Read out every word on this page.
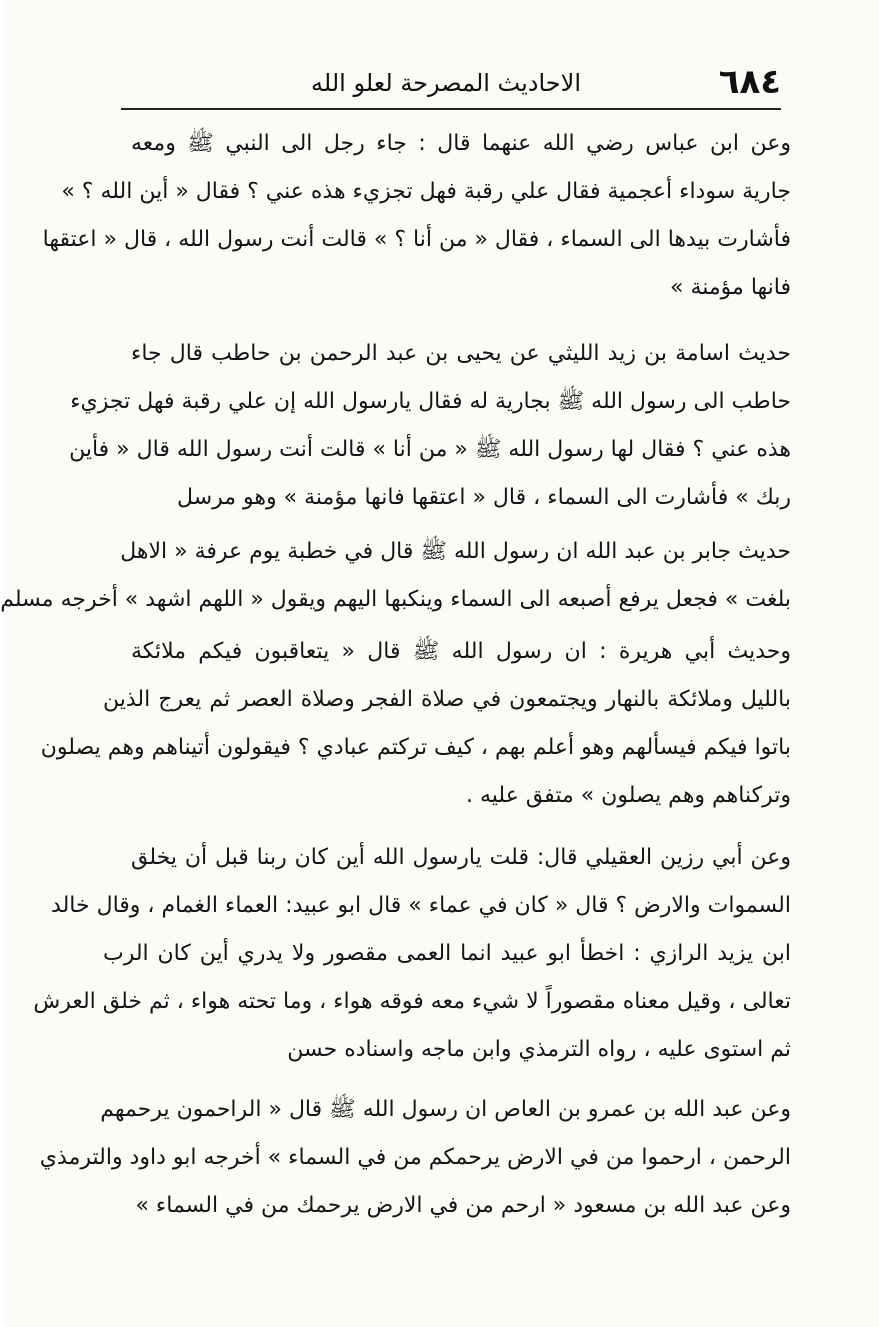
٦٨٤
الاحاديث المصرحة لعلو الله
وعن ابن عباس رضي الله عنهما قال : جاء رجل الى النبي ﷺ ومعه
جارية سوداء أعجمية فقال علي رقبة فهل تجزيء هذه عني ؟ فقال « أين الله ؟ »
فأشارت بيدها الى السماء ، فقال « من أنا ؟ » قالت أنت رسول الله ، قال « اعتقها
فانها مؤمنة »
حديث اسامة بن زيد الليثي عن يحيى بن عبد الرحمن بن حاطب قال جاء
حاطب الى رسول الله ﷺ بجارية له فقال يارسول الله إن علي رقبة فهل تجزيء
هذه عني ؟ فقال لها رسول الله ﷺ « من أنا » قالت أنت رسول الله قال « فأين
ربك » فأشارت الى السماء ، قال « اعتقها فانها مؤمنة » وهو مرسل
حديث جابر بن عبد الله ان رسول الله ﷺ قال في خطبة يوم عرفة « الاهل
بلغت » فجعل يرفع أصبعه الى السماء وينكبها اليهم ويقول « اللهم اشهد » أخرجه مسلم
وحديث أبي هريرة : ان رسول الله ﷺ قال « يتعاقبون فيكم ملائكة
بالليل وملائكة بالنهار ويجتمعون في صلاة الفجر وصلاة العصر ثم يعرج الذين
باتوا فيكم فيسألهم وهو أعلم بهم ، كيف تركتم عبادي ؟ فيقولون أتيناهم وهم يصلون
وتركناهم وهم يصلون » متفق عليه .
وعن أبي رزين العقيلي قال: قلت يارسول الله أين كان ربنا قبل أن يخلق
السموات والارض ؟ قال « كان في عماء » قال ابو عبيد: العماء الغمام ، وقال خالد
ابن يزيد الرازي : اخطأ ابو عبيد انما العمى مقصور ولا يدري أين كان الرب
تعالى ، وقيل معناه مقصوراً لا شيء معه فوقه هواء ، وما تحته هواء ، ثم خلق العرش
ثم استوى عليه ، رواه الترمذي وابن ماجه واسناده حسن
وعن عبد الله بن عمرو بن العاص ان رسول الله ﷺ قال « الراحمون يرحمهم
الرحمن ، ارحموا من في الارض يرحمكم من في السماء » أخرجه ابو داود والترمذي
وعن عبد الله بن مسعود « ارحم من في الارض يرحمك من في السماء »
